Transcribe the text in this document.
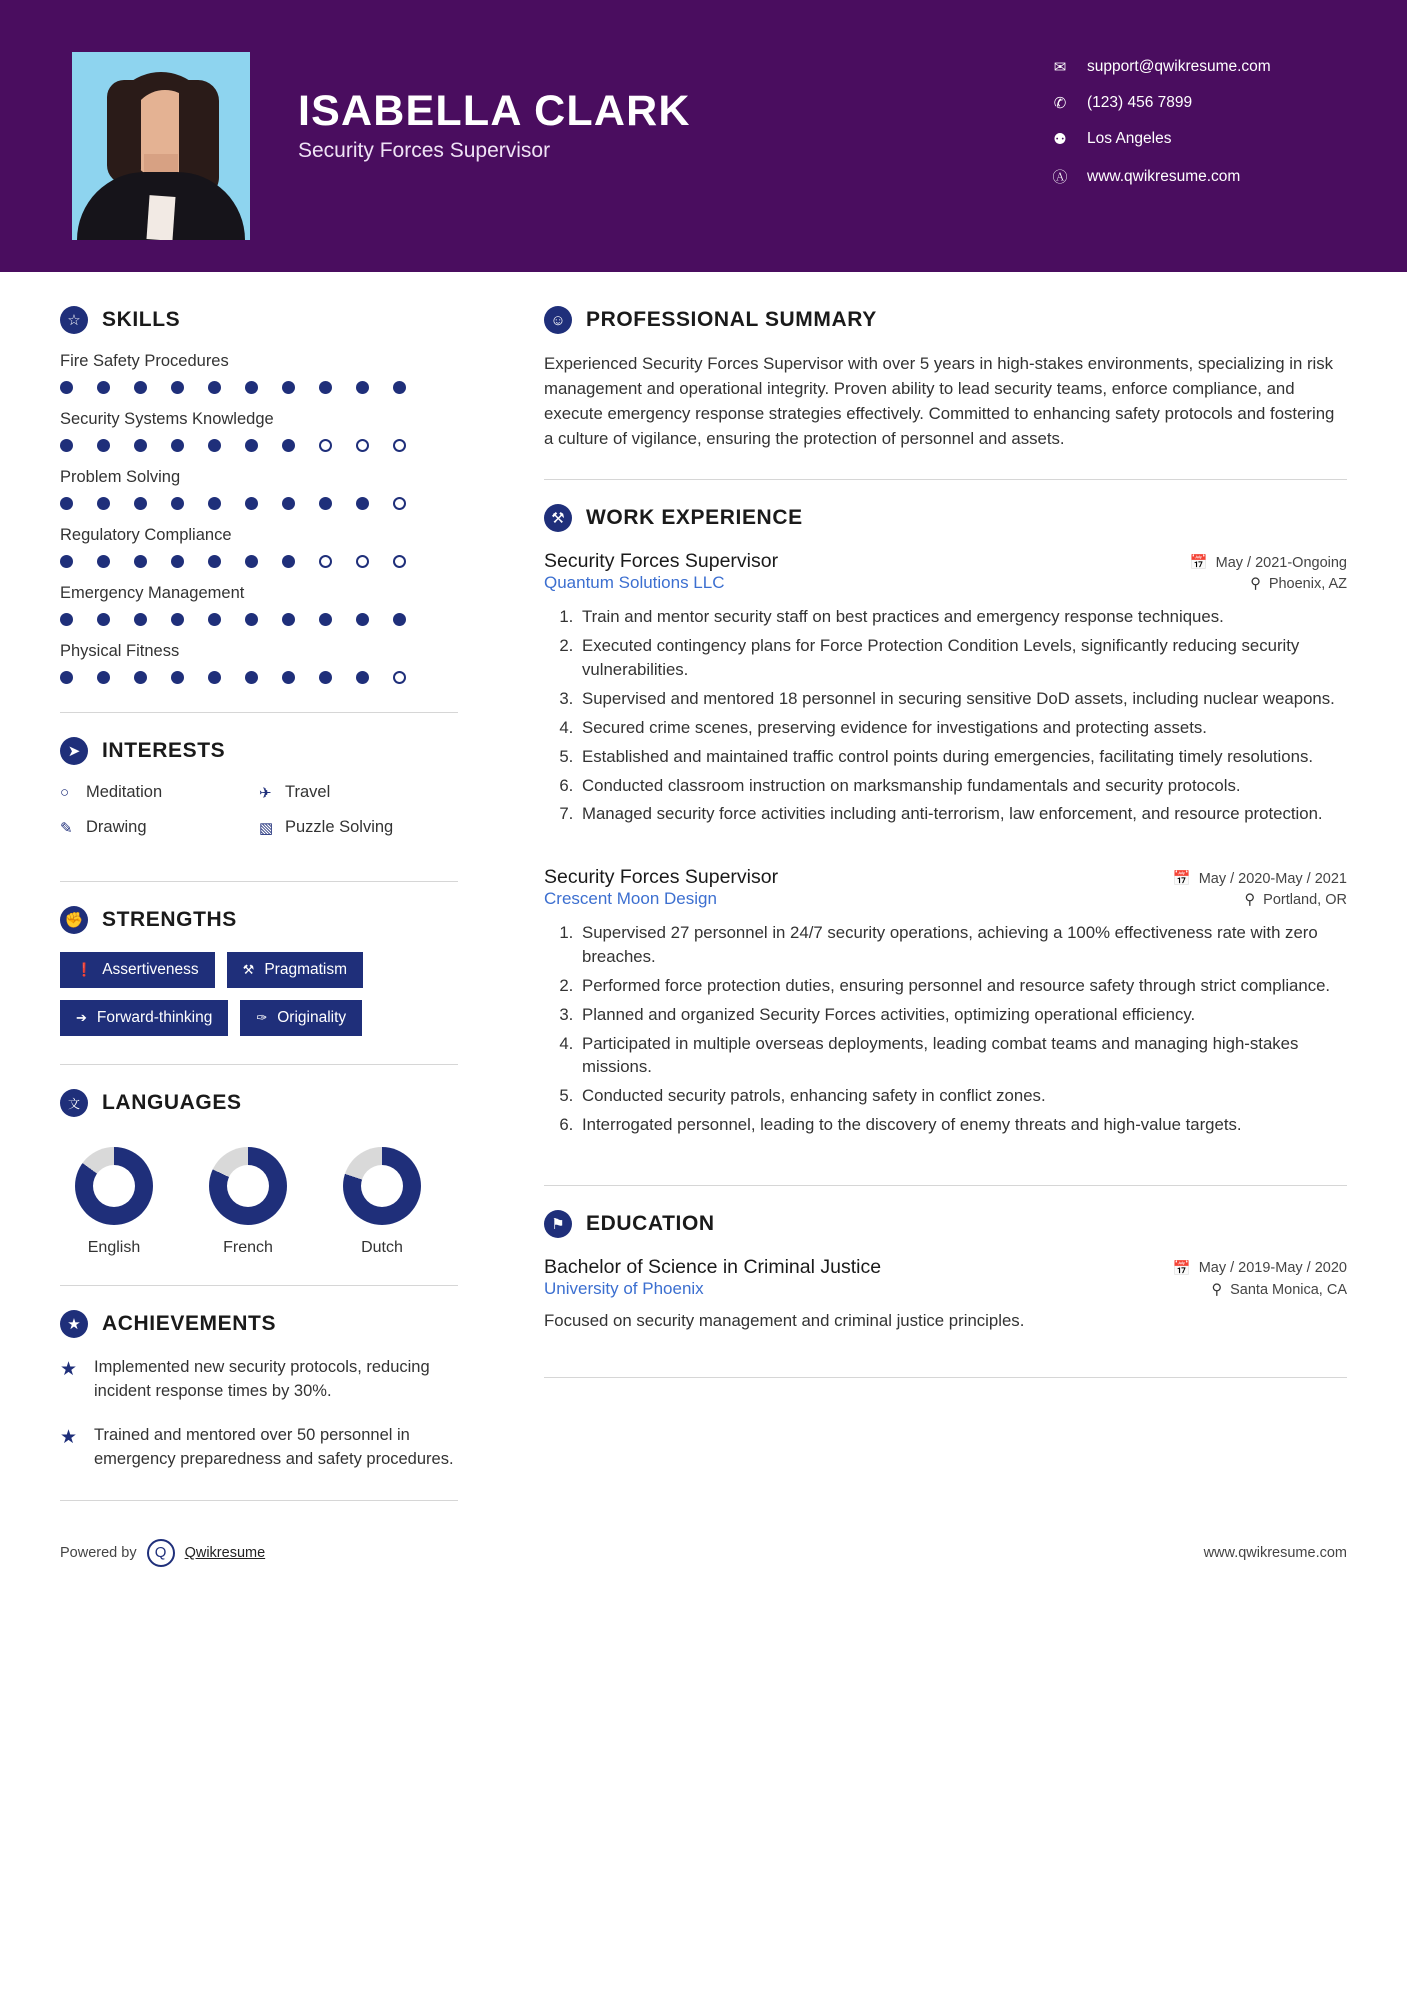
ISABELLA CLARK

Security Forces Supervisor

✉	support@qwikresume.com
✆	(123) 456 7899
⚉	Los Angeles
Ⓐ	www.qwikresume.com
☆	SKILLS
Fire Safety Procedures
Security Systems Knowledge
Problem Solving
Regulatory Compliance
Emergency Management
Physical Fitness
➤	INTERESTS
○	Meditation	✈ Travel
✎ Drawing	▧ Puzzle Solving
✊ STRENGTHS
❗ Assertiveness	⚒ Pragmatism
➔ Forward-thinking	✑ Originality
文	LANGUAGES
English	French	Dutch
★	ACHIEVEMENTS
★	Implemented new security protocols, reducing incident response times by 30%.
★	Trained and mentored over 50 personnel in emergency preparedness and safety procedures.
☺ PROFESSIONAL SUMMARY

Experienced Security Forces Supervisor with over 5 years in high-stakes environments, specializing in risk management and operational integrity. Proven ability to lead security teams, enforce compliance, and execute emergency response strategies effectively. Committed to enhancing safety protocols and fostering a culture of vigilance, ensuring the protection of personnel and assets.

⚒	WORK EXPERIENCE
Security Forces Supervisor	📅 May / 2021-Ongoing
Quantum Solutions LLC	⚲ Phoenix, AZ
1. Train and mentor security staff on best practices and emergency response techniques.
2. Executed contingency plans for Force Protection Condition Levels, significantly reducing security vulnerabilities.
3. Supervised and mentored 18 personnel in securing sensitive DoD assets, including nuclear weapons.
4. Secured crime scenes, preserving evidence for investigations and protecting assets.
5. Established and maintained traffic control points during emergencies, facilitating timely resolutions.
6. Conducted classroom instruction on marksmanship fundamentals and security protocols.
7. Managed security force activities including anti-terrorism, law enforcement, and resource protection.
Security Forces Supervisor	📅 May / 2020-May / 2021
Crescent Moon Design	⚲ Portland, OR
1. Supervised 27 personnel in 24/7 security operations, achieving a 100% effectiveness rate with zero breaches.
2. Performed force protection duties, ensuring personnel and resource safety through strict compliance.
3. Planned and organized Security Forces activities, optimizing operational efficiency.
4. Participated in multiple overseas deployments, leading combat teams and managing high-stakes missions.
5. Conducted security patrols, enhancing safety in conflict zones.
6. Interrogated personnel, leading to the discovery of enemy threats and high-value targets.
⚑	EDUCATION
Bachelor of Science in Criminal Justice	📅 May / 2019-May / 2020
University of Phoenix	⚲ Santa Monica, CA
Focused on security management and criminal justice principles.
Powered by	Q	Qwikresume	www.qwikresume.com
